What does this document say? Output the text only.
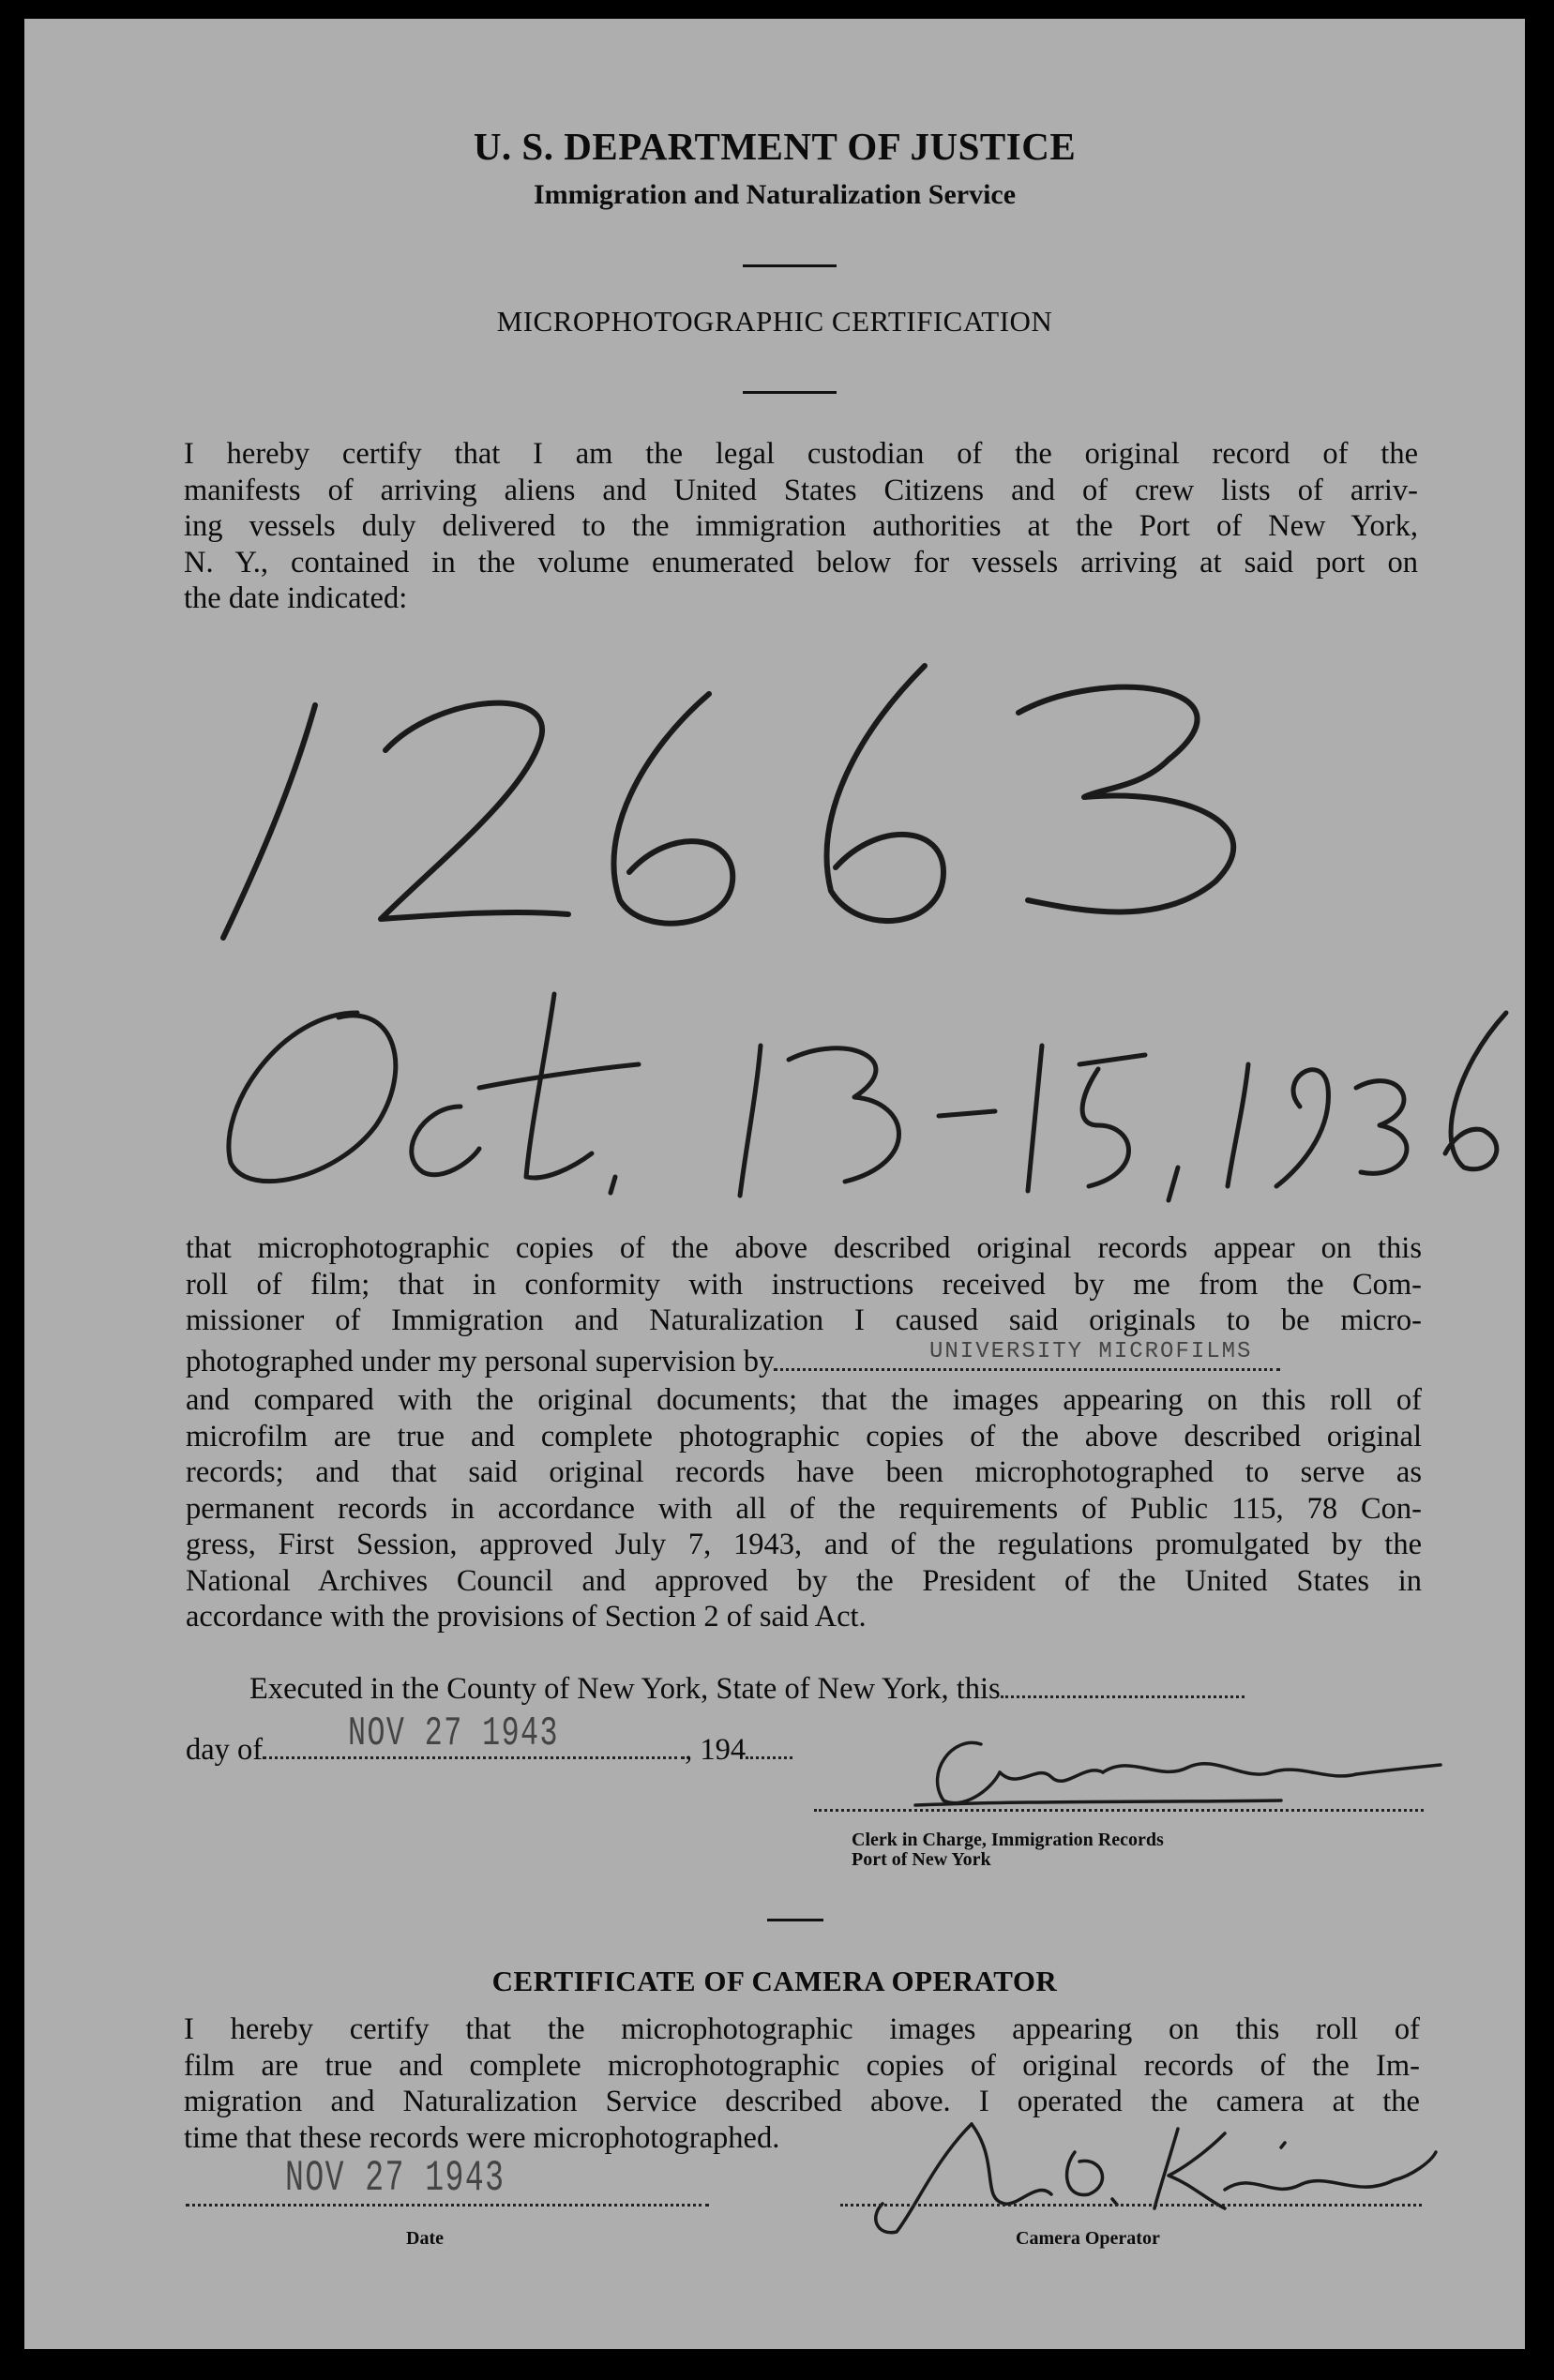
U. S. DEPARTMENT OF JUSTICE
Immigration and Naturalization Service
MICROPHOTOGRAPHIC CERTIFICATION
I hereby certify that I am the legal custodian of the original record of the
manifests of arriving aliens and United States Citizens and of crew lists of arriv-
ing vessels duly delivered to the immigration authorities at the Port of New York,
N. Y., contained in the volume enumerated below for vessels arriving at said port on
the date indicated:
that microphotographic copies of the above described original records appear on this
roll of film; that in conformity with instructions received by me from the Com-
missioner of Immigration and Naturalization I caused said originals to be micro-
photographed under my personal supervision by	UNIVERSITY MICROFILMS
and compared with the original documents; that the images appearing on this roll of
microfilm are true and complete photographic copies of the above described original
records; and that said original records have been microphotographed to serve as
permanent records in accordance with all of the requirements of Public 115, 78 Con-
gress, First Session, approved July 7, 1943, and of the regulations promulgated by the
National Archives Council and approved by the President of the United States in
accordance with the provisions of Section 2 of said Act.
Executed in the County of New York, State of New York, this
day of	, 194
NOV 27 1943
Clerk in Charge, Immigration Records
Port of New York
CERTIFICATE OF CAMERA OPERATOR
I hereby certify that the microphotographic images appearing on this roll of
film are true and complete microphotographic copies of original records of the Im-
migration and Naturalization Service described above. I operated the camera at the
time that these records were microphotographed.
NOV 27 1943
Date	Camera Operator
